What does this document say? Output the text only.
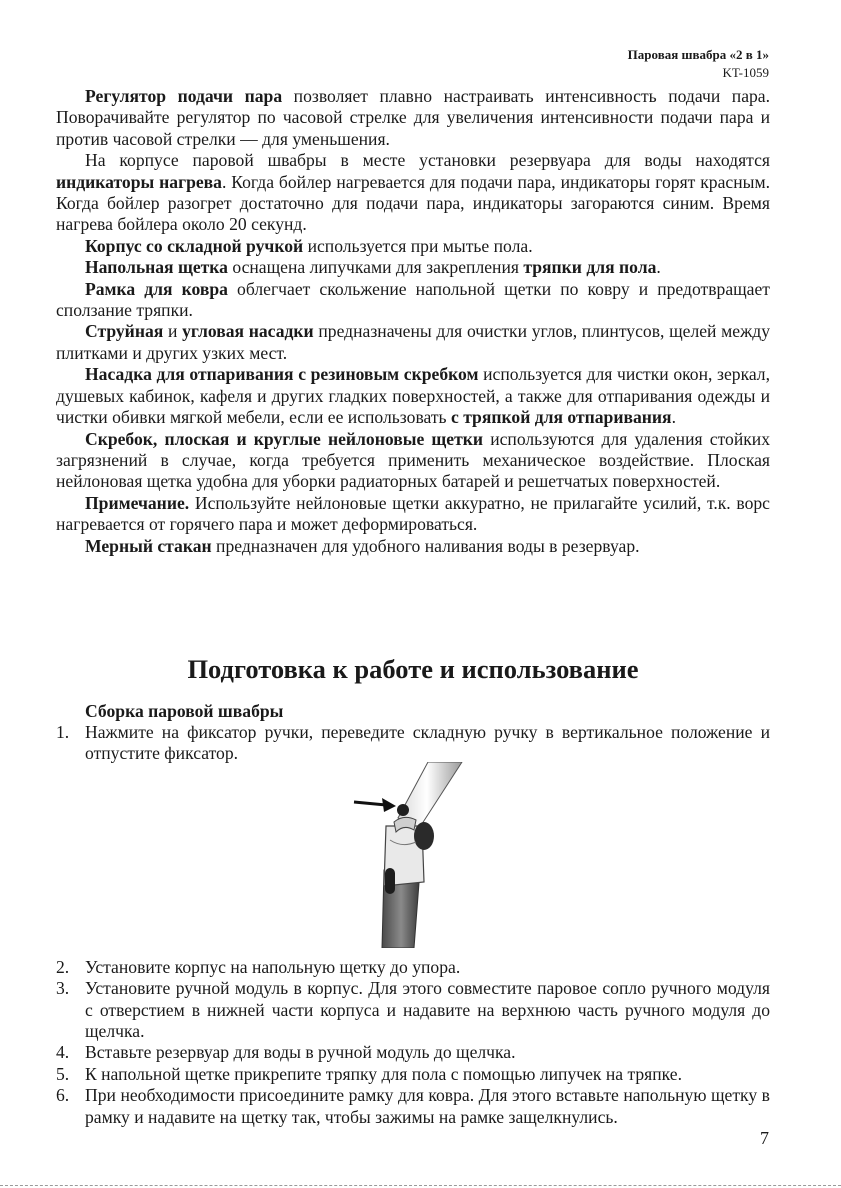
Паровая швабра «2 в 1»
KT-1059

Регулятор подачи пара позволяет плавно настраивать интенсивность подачи пара. Поворачивайте регулятор по часовой стрелке для увеличения интенсивности подачи пара и против часовой стрелки — для уменьшения.

На корпусе паровой швабры в месте установки резервуара для воды находятся индикаторы нагрева. Когда бойлер нагревается для подачи пара, индикаторы горят красным. Когда бойлер разогрет достаточно для подачи пара, индикаторы загораются синим. Время нагрева бойлера около 20 секунд.

Корпус со складной ручкой используется при мытье пола.

Напольная щетка оснащена липучками для закрепления тряпки для пола.

Рамка для ковра облегчает скольжение напольной щетки по ковру и предотвращает сползание тряпки.

Струйная и угловая насадки предназначены для очистки углов, плинтусов, щелей между плитками и других узких мест.

Насадка для отпаривания с резиновым скребком используется для чистки окон, зеркал, душевых кабинок, кафеля и других гладких поверхностей, а также для отпаривания одежды и чистки обивки мягкой мебели, если ее использовать с тряпкой для отпаривания.

Скребок, плоская и круглые нейлоновые щетки используются для удаления стойких загрязнений в случае, когда требуется применить механическое воздействие. Плоская нейлоновая щетка удобна для уборки радиаторных батарей и решетчатых поверхностей.

Примечание. Используйте нейлоновые щетки аккуратно, не прилагайте усилий, т.к. ворс нагревается от горячего пара и может деформироваться.

Мерный стакан предназначен для удобного наливания воды в резервуар.

Подготовка к работе и использование
Сборка паровой швабры
1. Нажмите на фиксатор ручки, переведите складную ручку в вертикальное положение и отпустите фиксатор.
2. Установите корпус на напольную щетку до упора.
3. Установите ручной модуль в корпус. Для этого совместите паровое сопло ручного модуля с отверстием в нижней части корпуса и надавите на верхнюю часть ручного модуля до щелчка.
4. Вставьте резервуар для воды в ручной модуль до щелчка.
5. К напольной щетке прикрепите тряпку для пола с помощью липучек на тряпке.
6. При необходимости присоедините рамку для ковра. Для этого вставьте напольную щетку в рамку и надавите на щетку так, чтобы зажимы на рамке защелкнулись.
7
